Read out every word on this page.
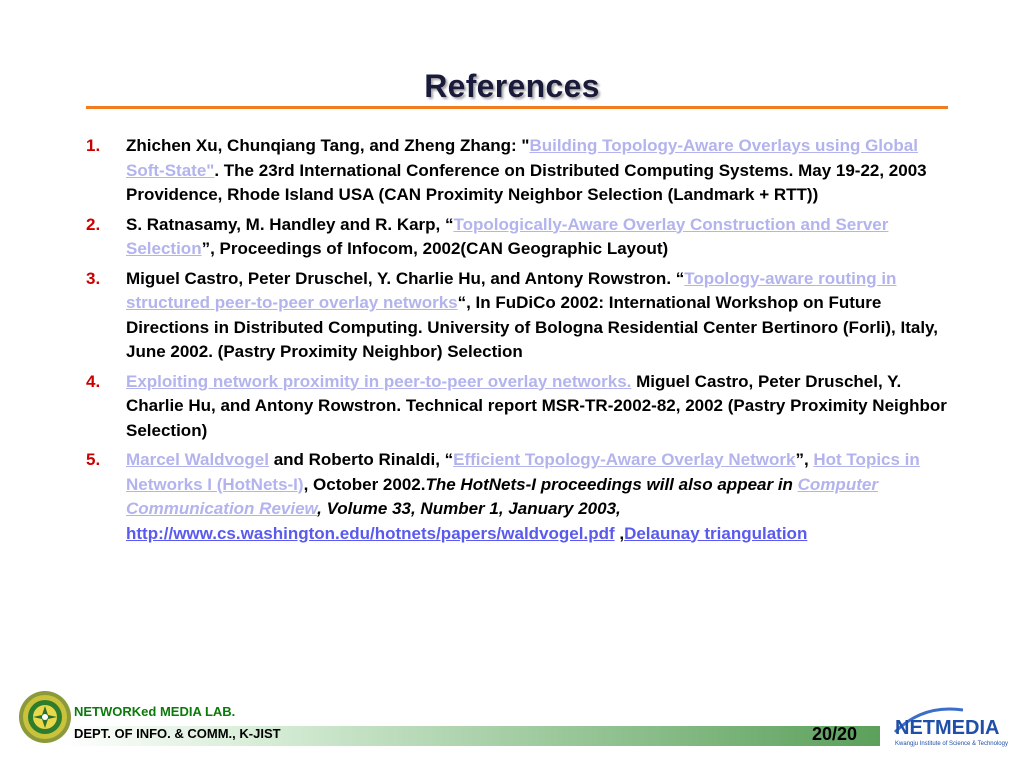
References
1. Zhichen Xu, Chunqiang Tang, and Zheng Zhang: "Building Topology-Aware Overlays using Global Soft-State". The 23rd International Conference on Distributed Computing Systems. May 19-22, 2003 Providence, Rhode Island USA (CAN Proximity Neighbor Selection (Landmark + RTT))
2. S. Ratnasamy, M. Handley and R. Karp, “Topologically-Aware Overlay Construction and Server Selection”, Proceedings of Infocom, 2002(CAN Geographic Layout)
3. Miguel Castro, Peter Druschel, Y. Charlie Hu, and Antony Rowstron. “Topology-aware routing in structured peer-to-peer overlay networks“, In FuDiCo 2002: International Workshop on Future Directions in Distributed Computing. University of Bologna Residential Center Bertinoro (Forli), Italy, June 2002. (Pastry Proximity Neighbor) Selection
4. Exploiting network proximity in peer-to-peer overlay networks. Miguel Castro, Peter Druschel, Y. Charlie Hu, and Antony Rowstron. Technical report MSR-TR-2002-82, 2002 (Pastry Proximity Neighbor Selection)
5. Marcel Waldvogel and Roberto Rinaldi, “Efficient Topology-Aware Overlay Network”, Hot Topics in Networks I (HotNets-I), October 2002.The HotNets-I proceedings will also appear in Computer Communication Review, Volume 33, Number 1, January 2003, http://www.cs.washington.edu/hotnets/papers/waldvogel.pdf ,Delaunay triangulation
NETWORKed MEDIA LAB.
DEPT. OF INFO. & COMM., K-JIST	20/20 NETMEDIA
Kwangju Institute of Science & Technology
